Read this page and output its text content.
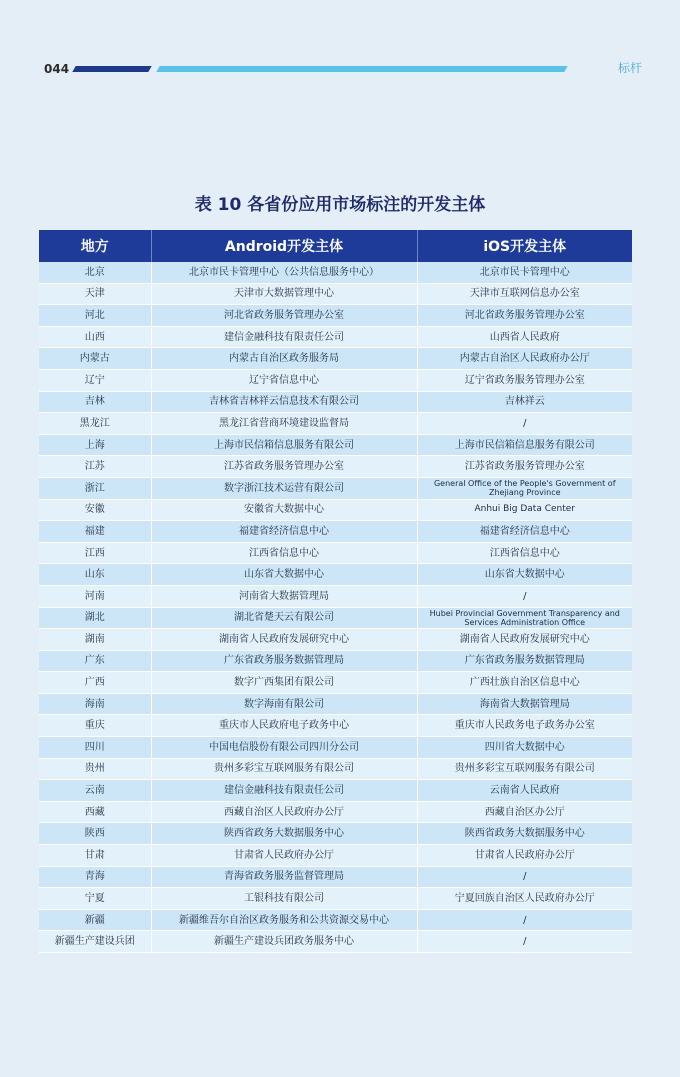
044	标杆
表 10 各省份应用市场标注的开发主体
地方	Android开发主体	iOS开发主体
北京	北京市民卡管理中心（公共信息服务中心）	北京市民卡管理中心
天津	天津市大数据管理中心	天津市互联网信息办公室
河北	河北省政务服务管理办公室	河北省政务服务管理办公室
山西	建信金融科技有限责任公司	山西省人民政府
内蒙古	内蒙古自治区政务服务局	内蒙古自治区人民政府办公厅
辽宁	辽宁省信息中心	辽宁省政务服务管理办公室
吉林	吉林省吉林祥云信息技术有限公司	吉林祥云
黑龙江	黑龙江省营商环境建设监督局	/
上海	上海市民信箱信息服务有限公司	上海市民信箱信息服务有限公司
江苏	江苏省政务服务管理办公室	江苏省政务服务管理办公室
浙江	数字浙江技术运营有限公司	General Office of the People's Government of Zhejiang Province
安徽	安徽省大数据中心	Anhui Big Data Center
福建	福建省经济信息中心	福建省经济信息中心
江西	江西省信息中心	江西省信息中心
山东	山东省大数据中心	山东省大数据中心
河南	河南省大数据管理局	/
湖北	湖北省楚天云有限公司	Hubei Provincial Government Transparency and Services Administration Office
湖南	湖南省人民政府发展研究中心	湖南省人民政府发展研究中心
广东	广东省政务服务数据管理局	广东省政务服务数据管理局
广西	数字广西集团有限公司	广西壮族自治区信息中心
海南	数字海南有限公司	海南省大数据管理局
重庆	重庆市人民政府电子政务中心	重庆市人民政务电子政务办公室
四川	中国电信股份有限公司四川分公司	四川省大数据中心
贵州	贵州多彩宝互联网服务有限公司	贵州多彩宝互联网服务有限公司
云南	建信金融科技有限责任公司	云南省人民政府
西藏	西藏自治区人民政府办公厅	西藏自治区办公厅
陕西	陕西省政务大数据服务中心	陕西省政务大数据服务中心
甘肃	甘肃省人民政府办公厅	甘肃省人民政府办公厅
青海	青海省政务服务监督管理局	/
宁夏	工银科技有限公司	宁夏回族自治区人民政府办公厅
新疆	新疆维吾尔自治区政务服务和公共资源交易中心	/
新疆生产建设兵团	新疆生产建设兵团政务服务中心	/
